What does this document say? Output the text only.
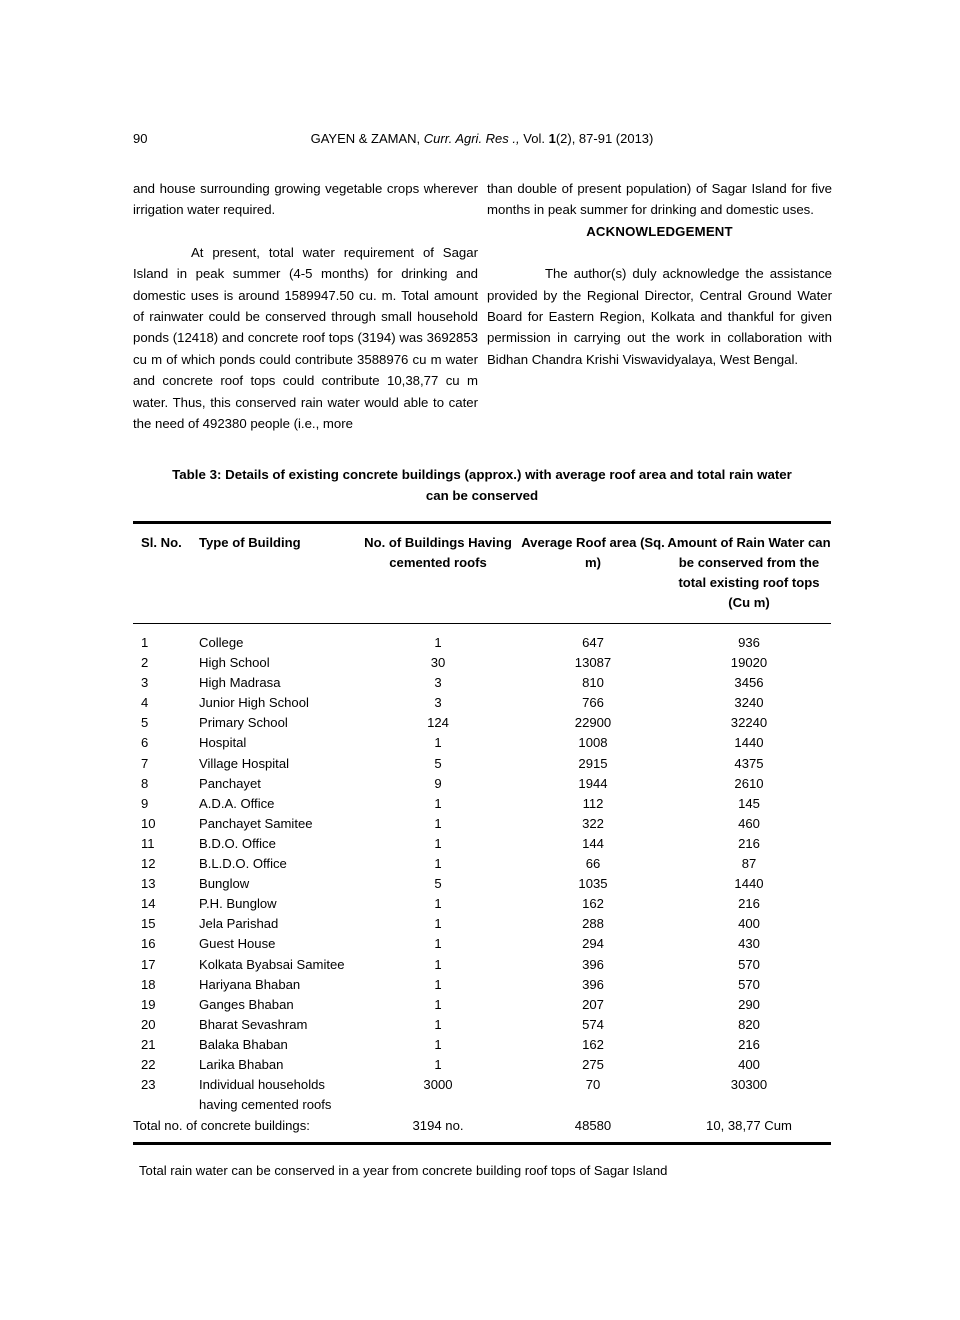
90	GAYEN & ZAMAN, Curr. Agri. Res ., Vol. 1(2), 87-91 (2013)

and house surrounding growing vegetable crops wherever irrigation water required.

At present, total water requirement of Sagar Island in peak summer (4-5 months) for drinking and domestic uses is around 1589947.50 cu. m. Total amount of rainwater could be conserved through small household ponds (12418) and concrete roof tops (3194) was 3692853 cu m of which ponds could contribute 3588976 cu m water and concrete roof tops could contribute 10,38,77 cu m water. Thus, this conserved rain water would able to cater the need of 492380 people (i.e., more

than double of present population) of Sagar Island for five months in peak summer for drinking and domestic uses.

ACKNOWLEDGEMENT

The author(s) duly acknowledge the assistance provided by the Regional Director, Central Ground Water Board for Eastern Region, Kolkata and thankful for given permission in carrying out the work in collaboration with Bidhan Chandra Krishi Viswavidyalaya, West Bengal.

Table 3: Details of existing concrete buildings (approx.) with average roof area and total rain water can be conserved
Sl. No.	Type of Building	No. of Buildings Having cemented roofs	Average Roof area (Sq. m)	Amount of Rain Water can be conserved from the total existing roof tops (Cu m)
1	College	1	647	936
2	High School	30	13087	19020
3	High Madrasa	3	810	3456
4	Junior High School	3	766	3240
5	Primary School	124	22900	32240
6	Hospital	1	1008	1440
7	Village Hospital	5	2915	4375
8	Panchayet	9	1944	2610
9	A.D.A. Office	1	112	145
10	Panchayet Samitee	1	322	460
11	B.D.O. Office	1	144	216
12	B.L.D.O. Office	1	66	87
13	Bunglow	5	1035	1440
14	P.H. Bunglow	1	162	216
15	Jela Parishad	1	288	400
16	Guest House	1	294	430
17	Kolkata Byabsai Samitee	1	396	570
18	Hariyana Bhaban	1	396	570
19	Ganges Bhaban	1	207	290
20	Bharat Sevashram	1	574	820
21	Balaka Bhaban	1	162	216
22	Larika Bhaban	1	275	400
23	Individual households
having cemented roofs	3000	70	30300
Total no. of concrete buildings:		3194 no.	48580	10, 38,77 Cum
Total rain water can be conserved in a year from concrete building roof tops of Sagar Island
